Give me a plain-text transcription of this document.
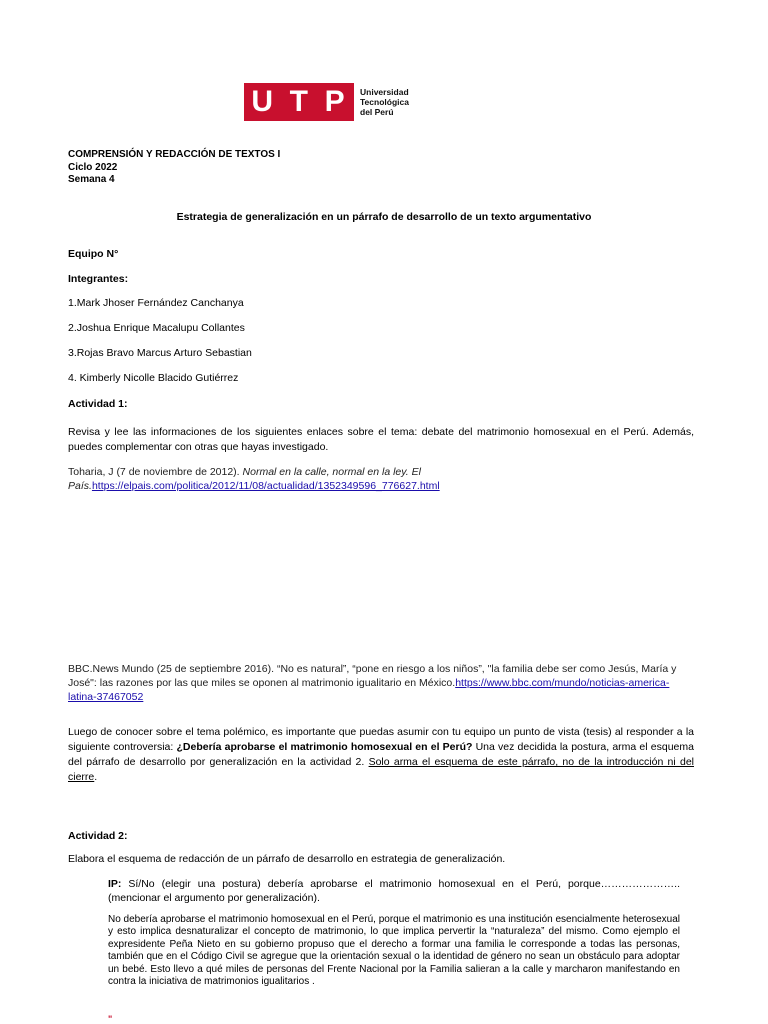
U T P Universidad
Tecnológica
del Perú
COMPRENSIÓN Y REDACCIÓN DE TEXTOS I
Ciclo 2022
Semana 4
Estrategia de generalización en un párrafo de desarrollo de un texto argumentativo
Equipo N°
Integrantes:
1.Mark Jhoser Fernández Canchanya
2.Joshua Enrique Macalupu Collantes
3.Rojas Bravo Marcus Arturo Sebastian
4. Kimberly Nicolle Blacido Gutiérrez
Actividad 1:
Revisa y lee las informaciones de los siguientes enlaces sobre el tema: debate del matrimonio homosexual en el Perú. Además, puedes complementar con otras que hayas investigado.
Toharia, J (7 de noviembre de 2012). Normal en la calle, normal en la ley. El País.https://elpais.com/politica/2012/11/08/actualidad/1352349596_776627.html
BBC.News Mundo (25 de septiembre 2016). “No es natural”, “pone en riesgo a los niños”, "la familia debe ser como Jesús, María y José": las razones por las que miles se oponen al matrimonio igualitario en México.https://www.bbc.com/mundo/noticias-america-latina-37467052
Luego de conocer sobre el tema polémico, es importante que puedas asumir con tu equipo un punto de vista (tesis) al responder a la siguiente controversia: ¿Debería aprobarse el matrimonio homosexual en el Perú? Una vez decidida la postura, arma el esquema del párrafo de desarrollo por generalización en la actividad 2. Solo arma el esquema de este párrafo, no de la introducción ni del cierre.
Actividad 2:
Elabora el esquema de redacción de un párrafo de desarrollo en estrategia de generalización.
IP: Sí/No (elegir una postura) debería aprobarse el matrimonio homosexual en el Perú, porque………………….. (mencionar el argumento por generalización).
No debería aprobarse el matrimonio homosexual en el Perú, porque el matrimonio es una institución esencialmente heterosexual y esto implica desnaturalizar el concepto de matrimonio, lo que implica pervertir la “naturaleza” del mismo. Como ejemplo el expresidente Peña Nieto en su gobierno propuso que el derecho a formar una familia le corresponde a todas las personas, también que en el Código Civil se agregue que la orientación sexual o la identidad de género no sean un obstáculo para adoptar un bebé. Esto llevo a qué miles de personas del Frente Nacional por la Familia salieran a la calle y marcharon manifestando en contra la iniciativa de matrimonios igualitarios .
"
